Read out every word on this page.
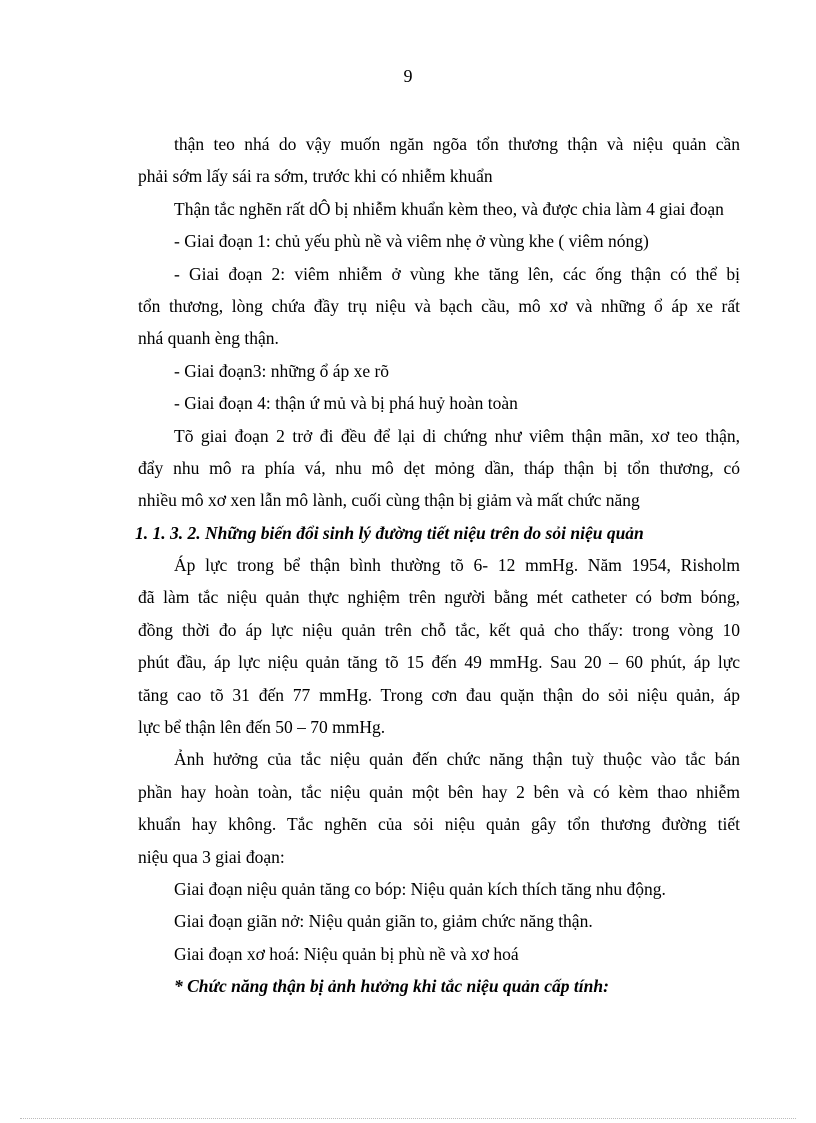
9
thận teo nhá do vậy muốn ngăn ngõa tổn thương thận và niệu quản cần
phải sớm lấy sái ra sớm, trước khi có nhiễm khuẩn
Thận tắc nghẽn rất dÔ bị nhiễm khuẩn kèm theo, và được chia làm 4 giai đoạn
- Giai đoạn 1: chủ yếu phù nề và viêm nhẹ ở vùng khe ( viêm nóng)
- Giai đoạn 2: viêm nhiễm ở vùng khe tăng lên, các ống thận có thể bị
tổn thương, lòng chứa đầy trụ niệu và bạch cầu, mô xơ và những ổ áp xe rất
nhá quanh èng thận.
- Giai đoạn3: những ổ áp xe rõ
- Giai đoạn 4: thận ứ mủ và bị phá huỷ hoàn toàn
Tõ giai đoạn 2 trở đi đều để lại di chứng như viêm thận mãn, xơ teo thận,
đẩy nhu mô ra phía vá, nhu mô dẹt mỏng dần, tháp thận bị tổn thương, có
nhiều mô xơ xen lẫn mô lành, cuối cùng thận bị giảm và mất chức năng
1. 1. 3. 2. Những biến đổi sinh lý đường tiết niệu trên do sỏi niệu quản
Áp lực trong bể thận bình thường tõ 6- 12 mmHg. Năm 1954, Risholm
đã làm tắc niệu quản thực nghiệm trên người bằng mét catheter có bơm bóng,
đồng thời đo áp lực niệu quản trên chỗ tắc, kết quả cho thấy: trong vòng 10
phút đầu, áp lực niệu quản tăng tõ 15 đến 49 mmHg. Sau 20 – 60 phút, áp lực
tăng cao tõ 31 đến 77 mmHg. Trong cơn đau quặn thận do sỏi niệu quản, áp
lực bể thận lên đến 50 – 70 mmHg.
Ảnh hưởng của tắc niệu quản đến chức năng thận tuỳ thuộc vào tắc bán
phần hay hoàn toàn, tắc niệu quản một bên hay 2 bên và có kèm thao nhiễm
khuẩn hay không. Tắc nghẽn của sỏi niệu quản gây tổn thương đường tiết
niệu qua 3 giai đoạn:
Giai đoạn niệu quản tăng co bóp: Niệu quản kích thích tăng nhu động.
Giai đoạn giãn nở: Niệu quản giãn to, giảm chức năng thận.
Giai đoạn xơ hoá: Niệu quản bị phù nề và xơ hoá
* Chức năng thận bị ảnh hưởng khi tắc niệu quản cấp tính:
